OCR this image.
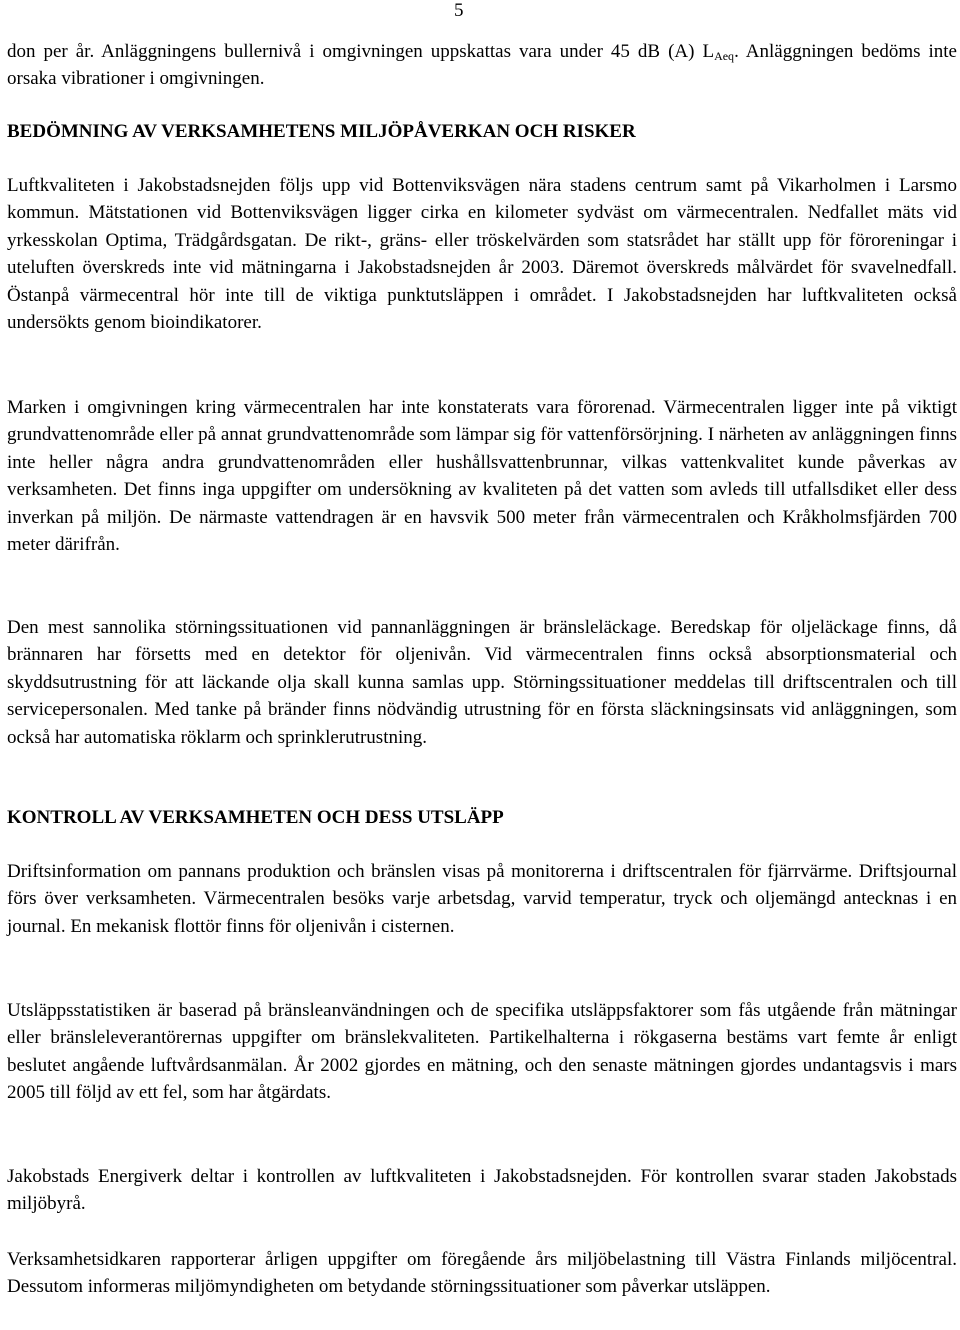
5

don per år. Anläggningens bullernivå i omgivningen uppskattas vara under 45 dB (A) $L_{Aeq}$. Anläggningen bedöms inte orsaka vibrationer i omgivningen.

BEDÖMNING AV VERKSAMHETENS MILJÖPÅVERKAN OCH RISKER

Luftkvaliteten i Jakobstadsnejden följs upp vid Bottenviksvägen nära stadens centrum samt på Vikarholmen i Larsmo kommun. Mätstationen vid Bottenviksvägen ligger cirka en kilometer sydväst om värmecentralen. Nedfallet mäts vid yrkesskolan Optima, Trädgårdsgatan. De rikt-, gräns- eller tröskelvärden som statsrådet har ställt upp för föroreningar i uteluften överskreds inte vid mätningarna i Jakobstadsnejden år 2003. Däremot överskreds målvärdet för svavelnedfall. Östanpå värmecentral hör inte till de viktiga punktutsläppen i området. I Jakobstadsnejden har luftkvaliteten också undersökts genom bioindikatorer.

Marken i omgivningen kring värmecentralen har inte konstaterats vara förorenad. Värmecentralen ligger inte på viktigt grundvattenområde eller på annat grundvattenområde som lämpar sig för vattenförsörjning. I närheten av anläggningen finns inte heller några andra grundvattenområden eller hushållsvattenbrunnar, vilkas vattenkvalitet kunde påverkas av verksamheten. Det finns inga uppgifter om undersökning av kvaliteten på det vatten som avleds till utfallsdiket eller dess inverkan på miljön. De närmaste vattendragen är en havsvik 500 meter från värmecentralen och Kråkholmsfjärden 700 meter därifrån.

Den mest sannolika störningssituationen vid pannanläggningen är bränsleläckage. Beredskap för oljeläckage finns, då brännaren har försetts med en detektor för oljenivån. Vid värmecentralen finns också absorptionsmaterial och skyddsutrustning för att läckande olja skall kunna samlas upp. Störningssituationer meddelas till driftscentralen och till servicepersonalen. Med tanke på bränder finns nödvändig utrustning för en första släckningsinsats vid anläggningen, som också har automatiska röklarm och sprinklerutrustning.

KONTROLL AV VERKSAMHETEN OCH DESS UTSLÄPP

Driftsinformation om pannans produktion och bränslen visas på monitorerna i driftscentralen för fjärrvärme. Driftsjournal förs över verksamheten. Värmecentralen besöks varje arbetsdag, varvid temperatur, tryck och oljemängd antecknas i en journal. En mekanisk flottör finns för oljenivån i cisternen.

Utsläppsstatistiken är baserad på bränsleanvändningen och de specifika utsläppsfaktorer som fås utgående från mätningar eller bränsleleverantörernas uppgifter om bränslekvaliteten. Partikelhalterna i rökgaserna bestäms vart femte år enligt beslutet angående luftvårdsanmälan. År 2002 gjordes en mätning, och den senaste mätningen gjordes undantagsvis i mars 2005 till följd av ett fel, som har åtgärdats.

Jakobstads Energiverk deltar i kontrollen av luftkvaliteten i Jakobstadsnejden. För kontrollen svarar staden Jakobstads miljöbyrå.

Verksamhetsidkaren rapporterar årligen uppgifter om föregående års miljöbelastning till Västra Finlands miljöcentral. Dessutom informeras miljömyndigheten om betydande störningssituationer som påverkar utsläppen.
